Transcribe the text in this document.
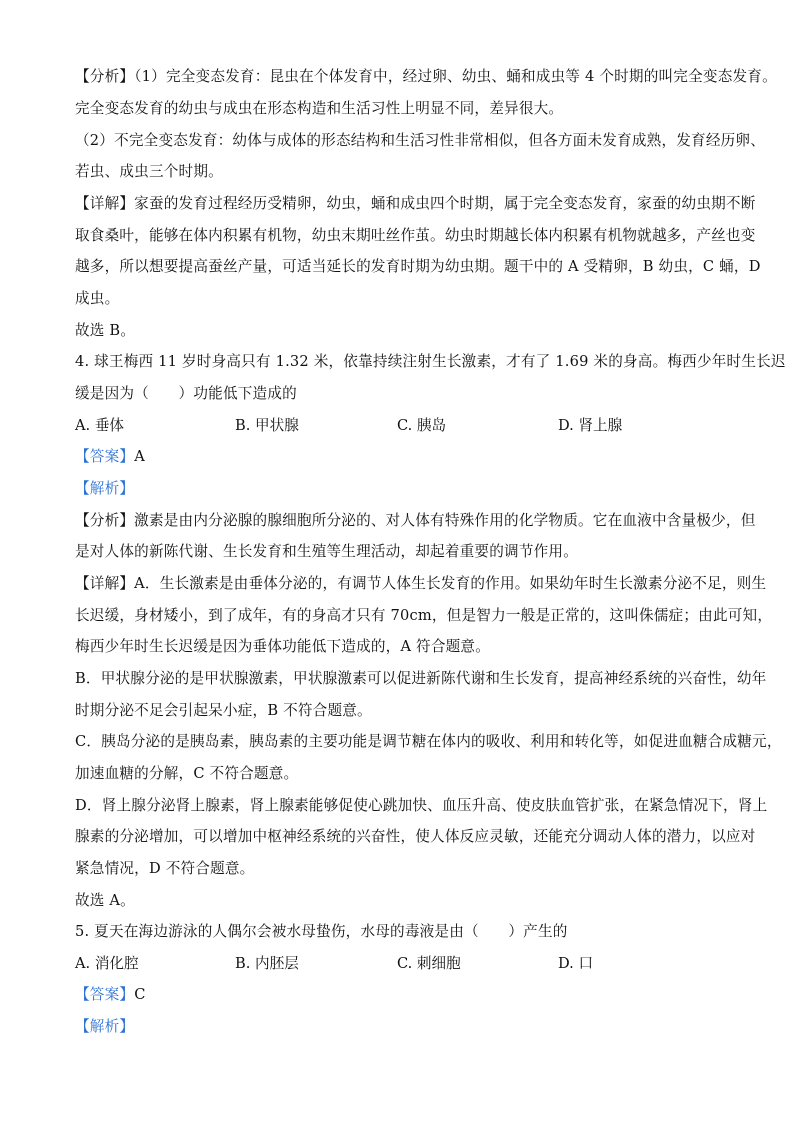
【分析】（1）完全变态发育：昆虫在个体发育中，经过卵、幼虫、蛹和成虫等 4 个时期的叫完全变态发育。
完全变态发育的幼虫与成虫在形态构造和生活习性上明显不同，差异很大。
（2）不完全变态发育：幼体与成体的形态结构和生活习性非常相似，但各方面未发育成熟，发育经历卵、
若虫、成虫三个时期。
【详解】家蚕的发育过程经历受精卵，幼虫，蛹和成虫四个时期，属于完全变态发育，家蚕的幼虫期不断
取食桑叶，能够在体内积累有机物，幼虫末期吐丝作茧。幼虫时期越长体内积累有机物就越多，产丝也变
越多，所以想要提高蚕丝产量，可适当延长的发育时期为幼虫期。题干中的 A 受精卵，B 幼虫，C 蛹，D
成虫。
故选 B。
4. 球王梅西 11 岁时身高只有 1.32 米，依靠持续注射生长激素，才有了 1.69 米的身高。梅西少年时生长迟
缓是因为（　　）功能低下造成的
A. 垂体	B. 甲状腺	C. 胰岛	D. 肾上腺
【答案】A
【解析】
【分析】激素是由内分泌腺的腺细胞所分泌的、对人体有特殊作用的化学物质。它在血液中含量极少，但
是对人体的新陈代谢、生长发育和生殖等生理活动，却起着重要的调节作用。
【详解】A．生长激素是由垂体分泌的，有调节人体生长发育的作用。如果幼年时生长激素分泌不足，则生
长迟缓，身材矮小，到了成年，有的身高才只有 70cm，但是智力一般是正常的，这叫侏儒症；由此可知，
梅西少年时生长迟缓是因为垂体功能低下造成的，A 符合题意。
B．甲状腺分泌的是甲状腺激素，甲状腺激素可以促进新陈代谢和生长发育，提高神经系统的兴奋性，幼年
时期分泌不足会引起呆小症，B 不符合题意。
C．胰岛分泌的是胰岛素，胰岛素的主要功能是调节糖在体内的吸收、利用和转化等，如促进血糖合成糖元，
加速血糖的分解，C 不符合题意。
D．肾上腺分泌肾上腺素，肾上腺素能够促使心跳加快、血压升高、使皮肤血管扩张，在紧急情况下，肾上
腺素的分泌增加，可以增加中枢神经系统的兴奋性，使人体反应灵敏，还能充分调动人体的潜力，以应对
紧急情况，D 不符合题意。
故选 A。
5. 夏天在海边游泳的人偶尔会被水母蛰伤，水母的毒液是由（　　）产生的
A. 消化腔	B. 内胚层	C. 刺细胞	D. 口
【答案】C
【解析】
